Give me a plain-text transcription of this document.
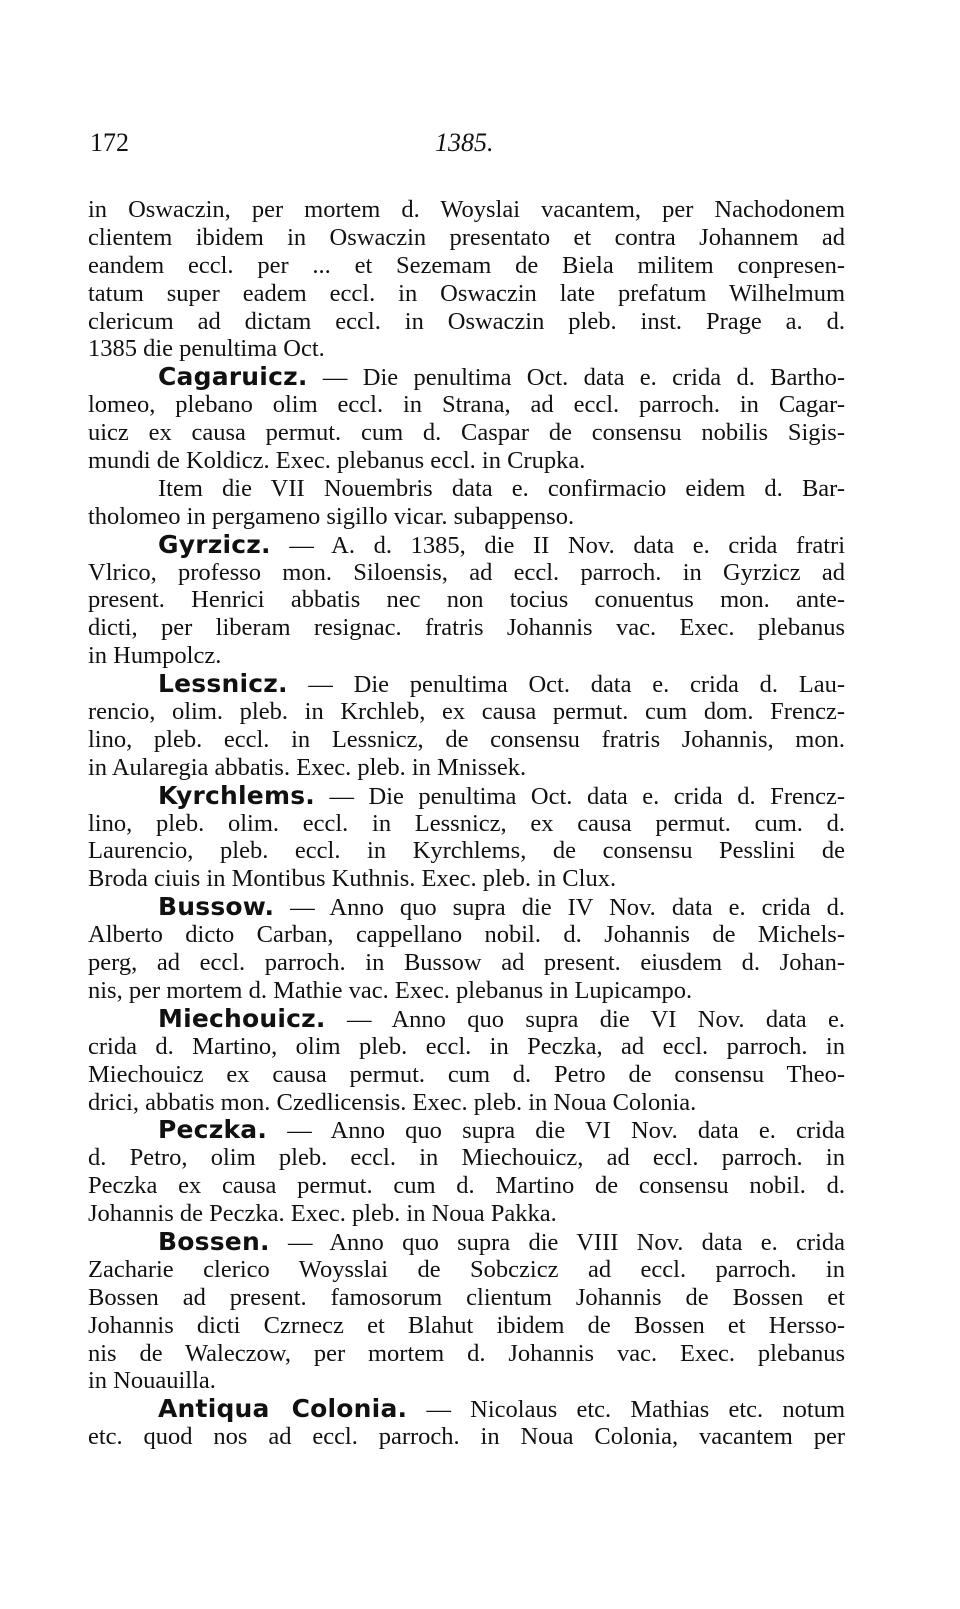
172	1385.
in Oswaczin, per mortem d. Woyslai vacantem, per Nachodonem
clientem ibidem in Oswaczin presentato et contra Johannem ad
eandem eccl. per ... et Sezemam de Biela militem conpresen-
tatum super eadem eccl. in Oswaczin late prefatum Wilhelmum
clericum ad dictam eccl. in Oswaczin pleb. inst. Prage a. d.
1385 die penultima Oct.
Cagaruicz. — Die penultima Oct. data e. crida d. Bartho-
lomeo, plebano olim eccl. in Strana, ad eccl. parroch. in Cagar-
uicz ex causa permut. cum d. Caspar de consensu nobilis Sigis-
mundi de Koldicz. Exec. plebanus eccl. in Crupka.
Item die VII Nouembris data e. confirmacio eidem d. Bar-
tholomeo in pergameno sigillo vicar. subappenso.
Gyrzicz. — A. d. 1385, die II Nov. data e. crida fratri
Vlrico, professo mon. Siloensis, ad eccl. parroch. in Gyrzicz ad
present. Henrici abbatis nec non tocius conuentus mon. ante-
dicti, per liberam resignac. fratris Johannis vac. Exec. plebanus
in Humpolcz.
Lessnicz. — Die penultima Oct. data e. crida d. Lau-
rencio, olim. pleb. in Krchleb, ex causa permut. cum dom. Frencz-
lino, pleb. eccl. in Lessnicz, de consensu fratris Johannis, mon.
in Aularegia abbatis. Exec. pleb. in Mnissek.
Kyrchlems. — Die penultima Oct. data e. crida d. Frencz-
lino, pleb. olim. eccl. in Lessnicz, ex causa permut. cum. d.
Laurencio, pleb. eccl. in Kyrchlems, de consensu Pesslini de
Broda ciuis in Montibus Kuthnis. Exec. pleb. in Clux.
Bussow. — Anno quo supra die IV Nov. data e. crida d.
Alberto dicto Carban, cappellano nobil. d. Johannis de Michels-
perg, ad eccl. parroch. in Bussow ad present. eiusdem d. Johan-
nis, per mortem d. Mathie vac. Exec. plebanus in Lupicampo.
Miechouicz. — Anno quo supra die VI Nov. data e.
crida d. Martino, olim pleb. eccl. in Peczka, ad eccl. parroch. in
Miechouicz ex causa permut. cum d. Petro de consensu Theo-
drici, abbatis mon. Czedlicensis. Exec. pleb. in Noua Colonia.
Peczka. — Anno quo supra die VI Nov. data e. crida
d. Petro, olim pleb. eccl. in Miechouicz, ad eccl. parroch. in
Peczka ex causa permut. cum d. Martino de consensu nobil. d.
Johannis de Peczka. Exec. pleb. in Noua Pakka.
Bossen. — Anno quo supra die VIII Nov. data e. crida
Zacharie clerico Woysslai de Sobczicz ad eccl. parroch. in
Bossen ad present. famosorum clientum Johannis de Bossen et
Johannis dicti Czrnecz et Blahut ibidem de Bossen et Hersso-
nis de Waleczow, per mortem d. Johannis vac. Exec. plebanus
in Nouauilla.
Antiqua Colonia. — Nicolaus etc. Mathias etc. notum
etc. quod nos ad eccl. parroch. in Noua Colonia, vacantem per
